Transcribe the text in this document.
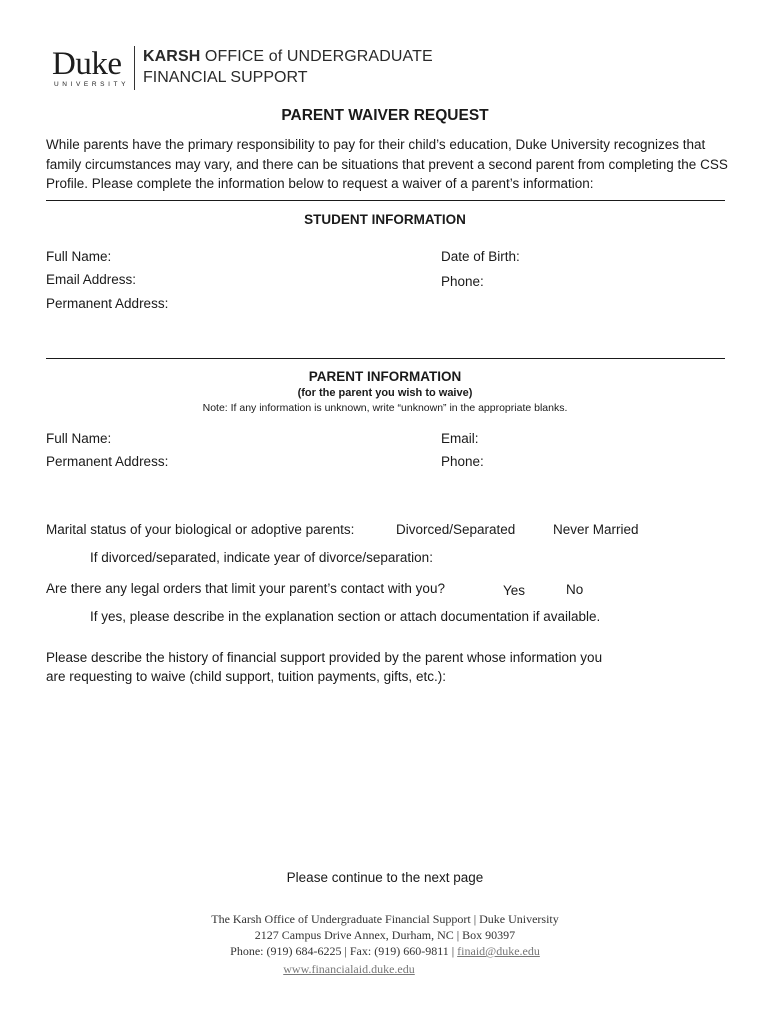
Duke
UNIVERSITY
KARSH OFFICE of UNDERGRADUATE
FINANCIAL SUPPORT
PARENT WAIVER REQUEST
While parents have the primary responsibility to pay for their child’s education, Duke University recognizes that family circumstances may vary, and there can be situations that prevent a second parent from completing the CSS Profile. Please complete the information below to request a waiver of a parent’s information:
STUDENT INFORMATION
Full Name:	Date of Birth:
Email Address:	Phone:
Permanent Address:
PARENT INFORMATION
(for the parent you wish to waive)
Note: If any information is unknown, write “unknown” in the appropriate blanks.
Full Name:	Email:
Permanent Address:	Phone:
Marital status of your biological or adoptive parents:	Divorced/Separated	Never Married
If divorced/separated, indicate year of divorce/separation:
Are there any legal orders that limit your parent’s contact with you?	Yes	No
If yes, please describe in the explanation section or attach documentation if available.
Please describe the history of financial support provided by the parent whose information you
are requesting to waive (child support, tuition payments, gifts, etc.):
Please continue to the next page
The Karsh Office of Undergraduate Financial Support | Duke University
2127 Campus Drive Annex, Durham, NC | Box 90397
Phone: (919) 684-6225 | Fax: (919) 660-9811 | finaid@duke.edu
www.financialaid.duke.edu
